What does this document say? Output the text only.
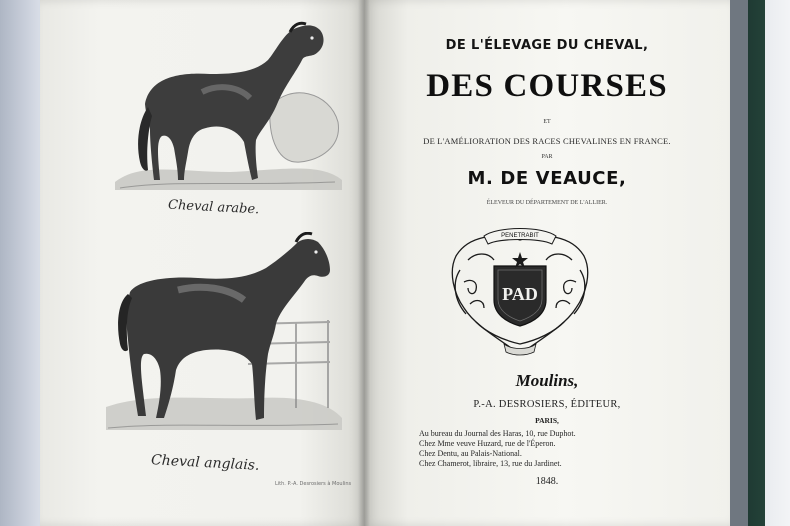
Cheval arabe.
Lith. P.-A. Desrosiers à Moulins
Cheval anglais.
DE L'ÉLEVAGE DU CHEVAL,
DES COURSES
ET
DE L'AMÉLIORATION DES RACES CHEVALINES EN FRANCE.
PAR
M. DE VEAUCE,
ÉLEVEUR DU DÉPARTEMENT DE L'ALLIER.
PENETRABIT
PAD
Moulins,
P.-A. DESROSIERS, ÉDITEUR,
PARIS,
Au bureau du Journal des Haras, 10, rue Duphot.
Chez Mme veuve Huzard, rue de l'Éperon.
Chez Dentu, au Palais-National.
Chez Chamerot, libraire, 13, rue du Jardinet.
1848.
